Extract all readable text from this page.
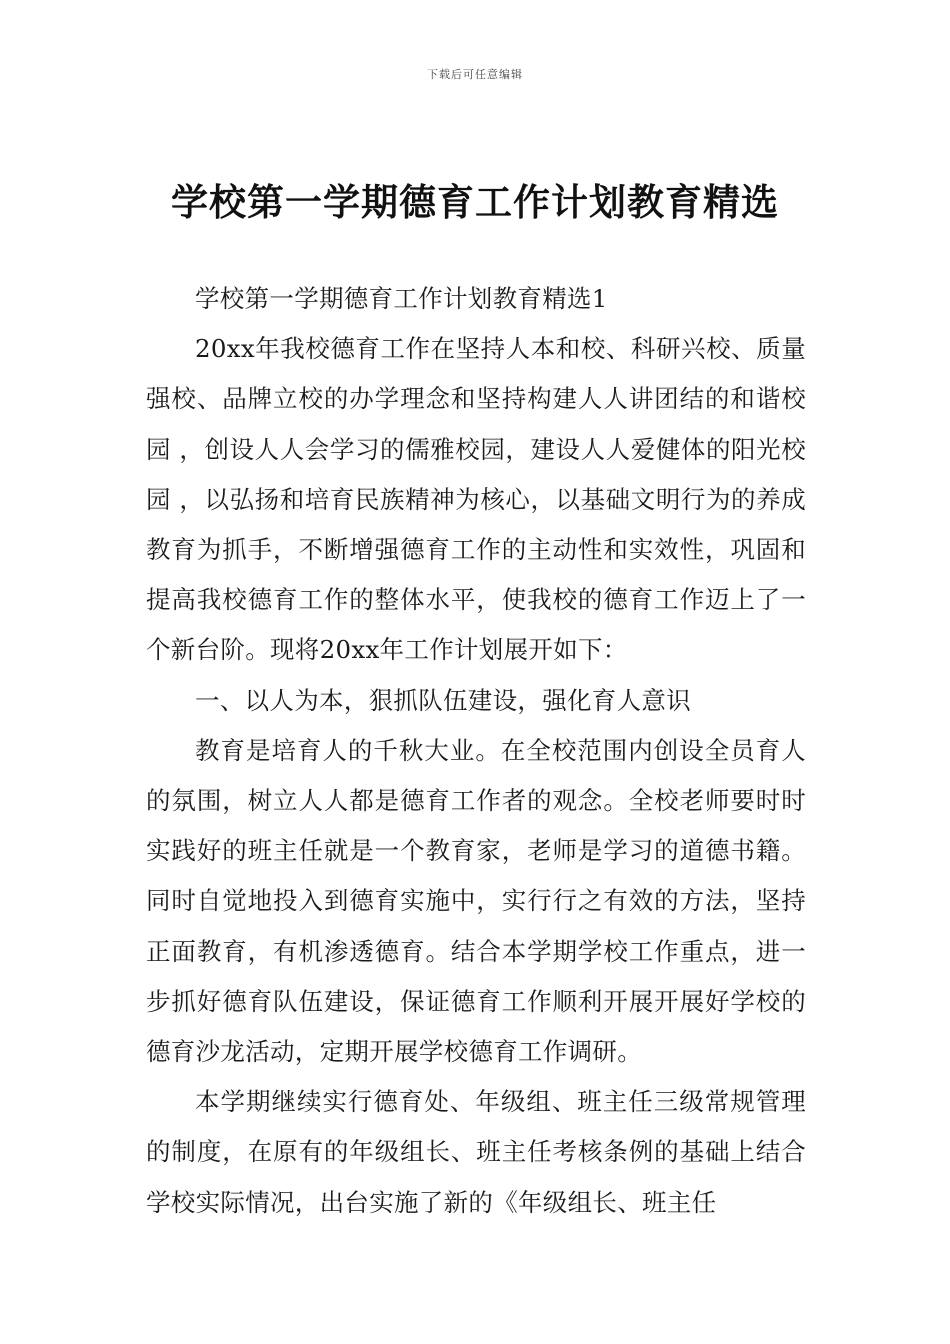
下载后可任意编辑
学校第一学期德育工作计划教育精选

学校第一学期德育工作计划教育精选1

20xx年我校德育工作在坚持人本和校、科研兴校、质量强校、品牌立校的办学理念和坚持构建人人讲团结的和谐校园 ，创设人人会学习的儒雅校园，建设人人爱健体的阳光校园 ，以弘扬和培育民族精神为核心，以基础文明行为的养成教育为抓手，不断增强德育工作的主动性和实效性，巩固和提高我校德育工作的整体水平，使我校的德育工作迈上了一个新台阶。现将20xx年工作计划展开如下：

一、以人为本，狠抓队伍建设，强化育人意识

教育是培育人的千秋大业。在全校范围内创设全员育人的氛围，树立人人都是德育工作者的观念。全校老师要时时实践好的班主任就是一个教育家，老师是学习的道德书籍。同时自觉地投入到德育实施中，实行行之有效的方法，坚持正面教育，有机渗透德育。结合本学期学校工作重点，进一步抓好德育队伍建设，保证德育工作顺利开展开展好学校的德育沙龙活动，定期开展学校德育工作调研。

本学期继续实行德育处、年级组、班主任三级常规管理的制度，在原有的年级组长、班主任考核条例的基础上结合学校实际情况，出台实施了新的《年级组长、班主任
